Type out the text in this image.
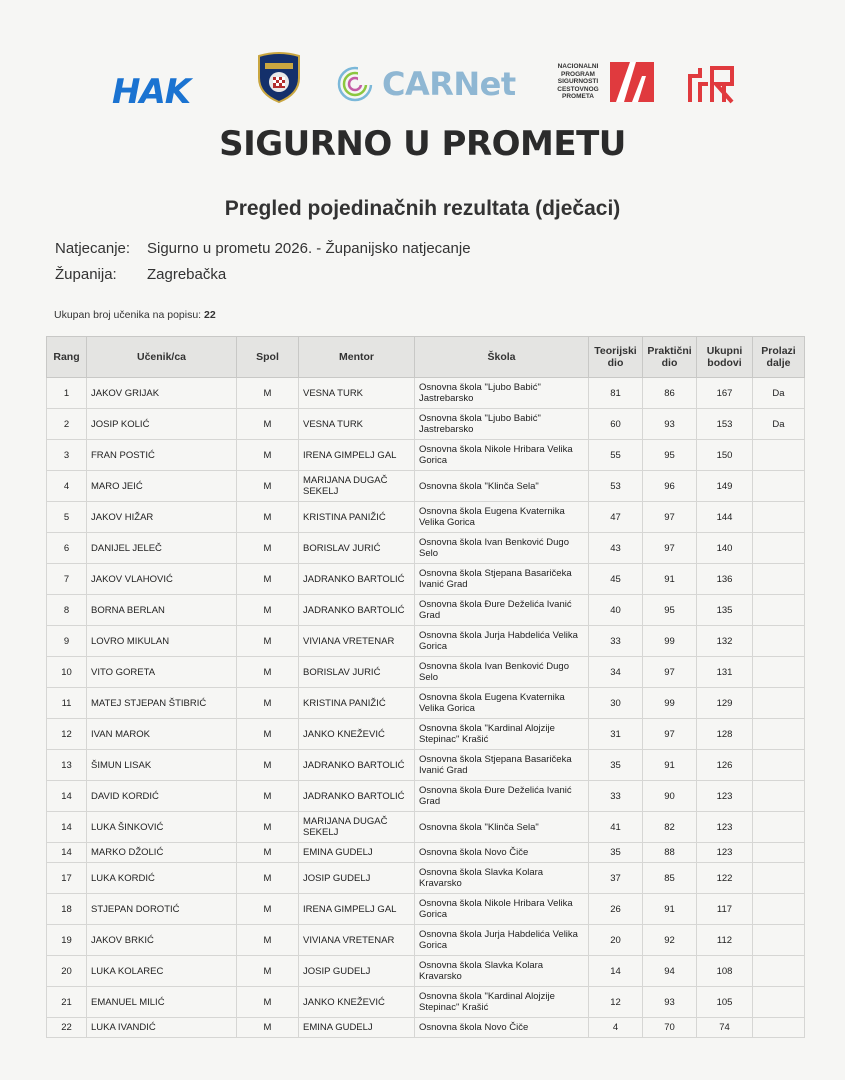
HAK	CARNet	NACIONALNI
PROGRAM
SIGURNOSTI
CESTOVNOG
PROMETA
SIGURNO U PROMETU
Pregled pojedinačnih rezultata (dječaci)
Natjecanje: Sigurno u prometu 2026. - Županijsko natjecanje
Županija: Zagrebačka
Ukupan broj učenika na popisu: 22
Rang	Učenik/ca	Spol	Mentor	Škola	Teorijski dio	Praktični dio	Ukupni bodovi	Prolazi dalje
1	JAKOV GRIJAK	M	VESNA TURK	Osnovna škola "Ljubo Babić" Jastrebarsko	81	86	167	Da
2	JOSIP KOLIĆ	M	VESNA TURK	Osnovna škola "Ljubo Babić" Jastrebarsko	60	93	153	Da
3	FRAN POSTIĆ	M	IRENA GIMPELJ GAL	Osnovna škola Nikole Hribara Velika Gorica	55	95	150	
4	MARO JEIĆ	M	MARIJANA DUGAČ SEKELJ	Osnovna škola "Klinča Sela"	53	96	149	
5	JAKOV HIŽAR	M	KRISTINA PANIŽIĆ	Osnovna škola Eugena Kvaternika Velika Gorica	47	97	144	
6	DANIJEL JELEČ	M	BORISLAV JURIĆ	Osnovna škola Ivan Benković Dugo Selo	43	97	140	
7	JAKOV VLAHOVIĆ	M	JADRANKO BARTOLIĆ	Osnovna škola Stjepana Basaričeka Ivanić Grad	45	91	136	
8	BORNA BERLAN	M	JADRANKO BARTOLIĆ	Osnovna škola Đure Deželića Ivanić Grad	40	95	135	
9	LOVRO MIKULAN	M	VIVIANA VRETENAR	Osnovna škola Jurja Habdelića Velika Gorica	33	99	132	
10	VITO GORETA	M	BORISLAV JURIĆ	Osnovna škola Ivan Benković Dugo Selo	34	97	131	
11	MATEJ STJEPAN ŠTIBRIĆ	M	KRISTINA PANIŽIĆ	Osnovna škola Eugena Kvaternika Velika Gorica	30	99	129	
12	IVAN MAROK	M	JANKO KNEŽEVIĆ	Osnovna škola "Kardinal Alojzije Stepinac" Krašić	31	97	128	
13	ŠIMUN LISAK	M	JADRANKO BARTOLIĆ	Osnovna škola Stjepana Basaričeka Ivanić Grad	35	91	126	
14	DAVID KORDIĆ	M	JADRANKO BARTOLIĆ	Osnovna škola Đure Deželića Ivanić Grad	33	90	123	
14	LUKA ŠINKOVIĆ	M	MARIJANA DUGAČ SEKELJ	Osnovna škola "Klinča Sela"	41	82	123	
14	MARKO DŽOLIĆ	M	EMINA GUDELJ	Osnovna škola Novo Čiče	35	88	123	
17	LUKA KORDIĆ	M	JOSIP GUDELJ	Osnovna škola Slavka Kolara Kravarsko	37	85	122	
18	STJEPAN DOROTIĆ	M	IRENA GIMPELJ GAL	Osnovna škola Nikole Hribara Velika Gorica	26	91	117	
19	JAKOV BRKIĆ	M	VIVIANA VRETENAR	Osnovna škola Jurja Habdelića Velika Gorica	20	92	112	
20	LUKA KOLAREC	M	JOSIP GUDELJ	Osnovna škola Slavka Kolara Kravarsko	14	94	108	
21	EMANUEL MILIĆ	M	JANKO KNEŽEVIĆ	Osnovna škola "Kardinal Alojzije Stepinac" Krašić	12	93	105	
22	LUKA IVANDIĆ	M	EMINA GUDELJ	Osnovna škola Novo Čiče	4	70	74	
